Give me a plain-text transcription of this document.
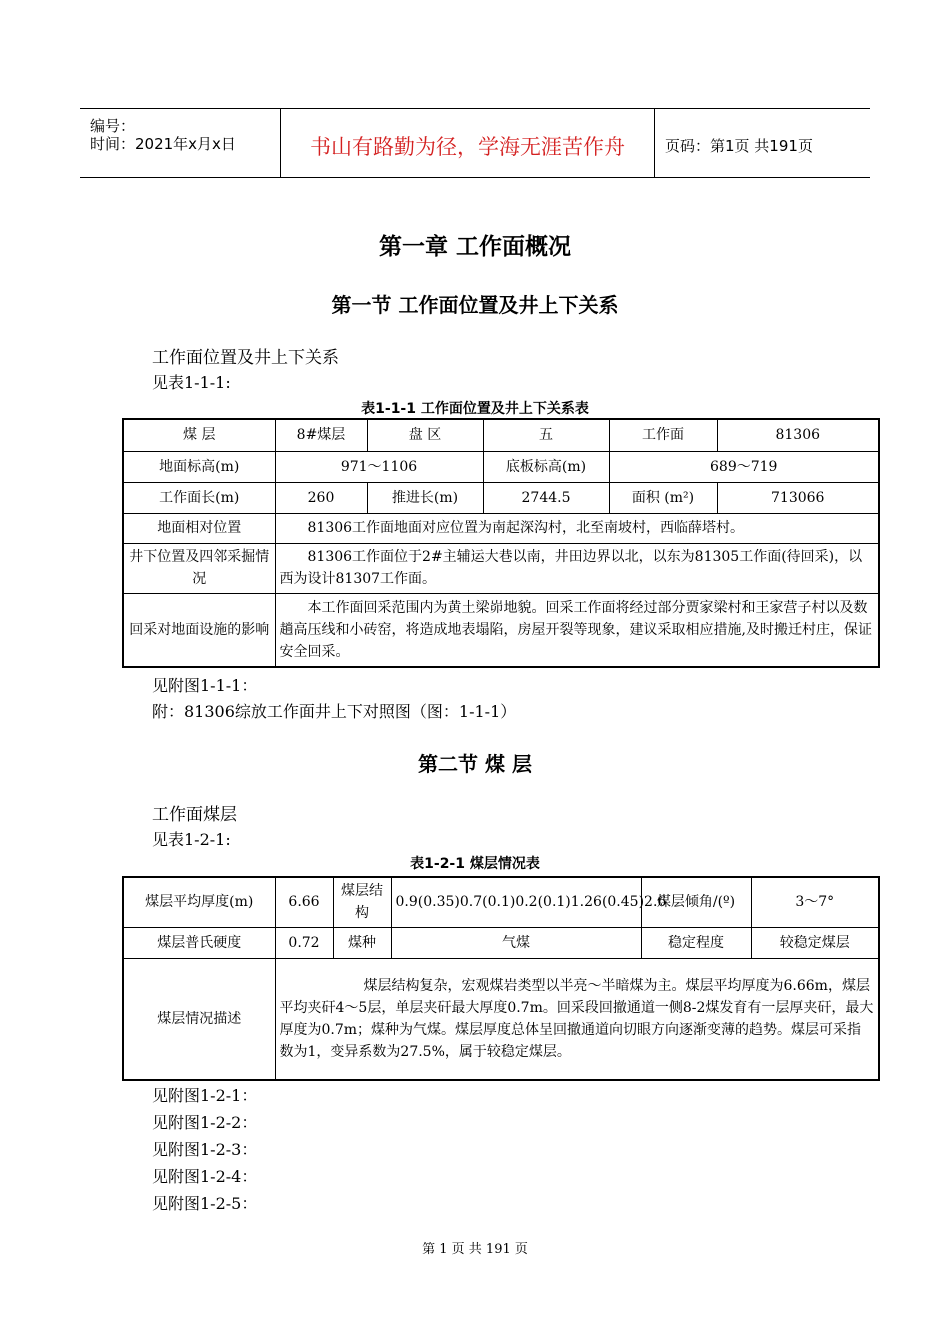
编号：
时间：2021年x月x日	书山有路勤为径，学海无涯苦作舟	页码：第1页 共191页
第一章 工作面概况
第一节 工作面位置及井上下关系
工作面位置及井上下关系
见表1-1-1:
表1-1-1 工作面位置及井上下关系表
煤 层	8#煤层	盘 区	五	工作面	81306
地面标高(m)	971～1106		底板标高(m)	689～719	
工作面长(m)	260	推进长(m)	2744.5	面积 (m²)	713066
地面相对位置	81306工作面地面对应位置为南起深沟村，北至南坡村，西临薛塔村。				
井下位置及四邻采掘情况	81306工作面位于2#主辅运大巷以南，井田边界以北，以东为81305工作面(待回采)，以西为设计81307工作面。				
回采对地面设施的影响	本工作面回采范围内为黄土梁峁地貌。回采工作面将经过部分贾家梁村和王家营子村以及数趟高压线和小砖窑，将造成地表塌陷，房屋开裂等现象，建议采取相应措施,及时搬迁村庄，保证安全回采。				
见附图1-1-1：
附：81306综放工作面井上下对照图（图：1-1-1）
第二节 煤 层
工作面煤层
见表1-2-1:
表1-2-1 煤层情况表
煤层平均厚度(m)	6.66	煤层结构	0.9(0.35)0.7(0.1)0.2(0.1)1.26(0.45)2.6	煤层倾角/(º)	3～7°
煤层普氏硬度	0.72	煤种	气煤	稳定程度	较稳定煤层
煤层情况描述	煤层结构复杂，宏观煤岩类型以半亮～半暗煤为主。煤层平均厚度为6.66m，煤层平均夹矸4～5层，单层夹矸最大厚度0.7m。回采段回撤通道一侧8-2煤发育有一层厚夹矸，最大厚度为0.7m；煤种为气煤。煤层厚度总体呈回撤通道向切眼方向逐渐变薄的趋势。煤层可采指数为1，变异系数为27.5%，属于较稳定煤层。				
见附图1-2-1：
见附图1-2-2：
见附图1-2-3：
见附图1-2-4：
见附图1-2-5：
第 1 页 共 191 页
